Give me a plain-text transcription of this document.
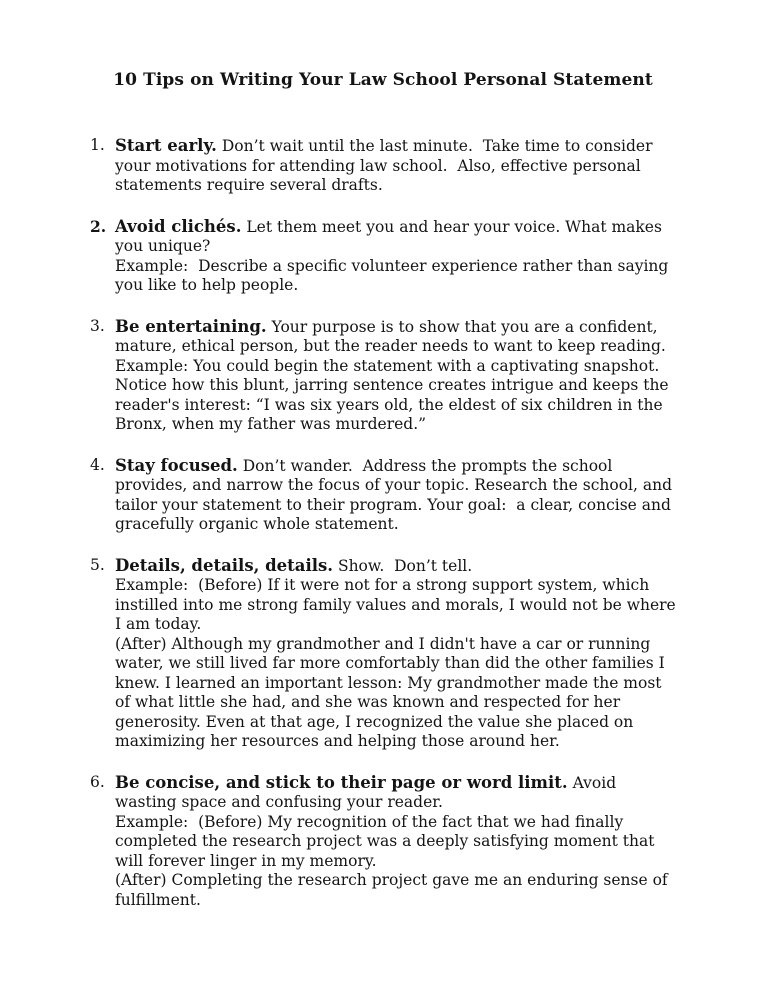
10 Tips on Writing Your Law School Personal Statement
1. Start early. Don’t wait until the last minute.  Take time to consider your motivations for attending law school.  Also, effective personal statements require several drafts.
2. Avoid clichés. Let them meet you and hear your voice. What makes you unique?
Example:  Describe a specific volunteer experience rather than saying you like to help people.
3. Be entertaining. Your purpose is to show that you are a confident, mature, ethical person, but the reader needs to want to keep reading.
Example: You could begin the statement with a captivating snapshot. Notice how this blunt, jarring sentence creates intrigue and keeps the reader's interest: “I was six years old, the eldest of six children in the Bronx, when my father was murdered.”
4. Stay focused. Don’t wander.  Address the prompts the school provides, and narrow the focus of your topic. Research the school, and tailor your statement to their program. Your goal:  a clear, concise and gracefully organic whole statement.
5. Details, details, details. Show.  Don’t tell.
Example:  (Before) If it were not for a strong support system, which instilled into me strong family values and morals, I would not be where I am today.
(After) Although my grandmother and I didn't have a car or running water, we still lived far more comfortably than did the other families I knew. I learned an important lesson: My grandmother made the most of what little she had, and she was known and respected for her generosity. Even at that age, I recognized the value she placed on maximizing her resources and helping those around her.
6. Be concise, and stick to their page or word limit. Avoid wasting space and confusing your reader.
Example:  (Before) My recognition of the fact that we had finally completed the research project was a deeply satisfying moment that will forever linger in my memory.
(After) Completing the research project gave me an enduring sense of fulfillment.
